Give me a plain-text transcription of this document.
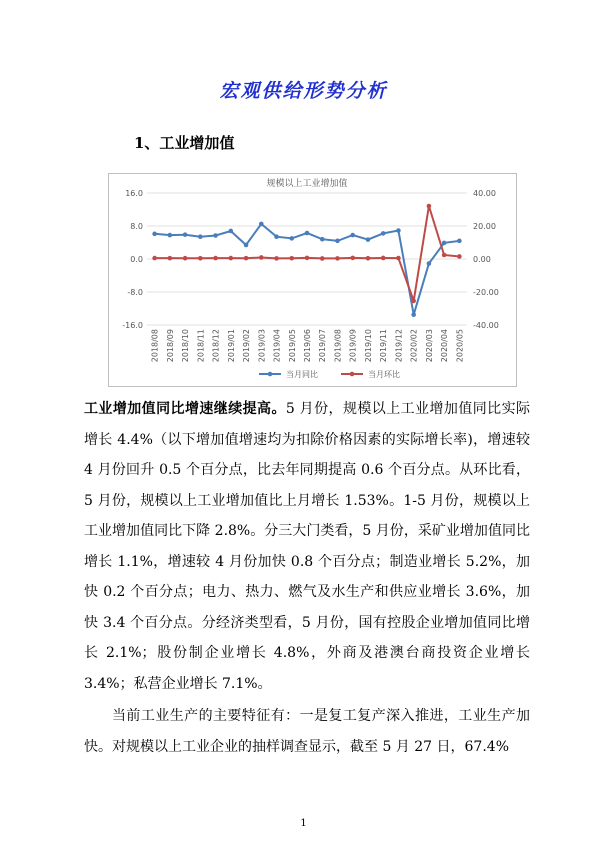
宏观供给形势分析
1、工业增加值
规模以上工业增加值
16.0
8.0
0.0
-8.0
-16.0
40.00
20.00
0.00
-20.00
-40.00
2018/08 2018/09 2018/10 2018/11 2018/12 2019/01 2019/02 2019/03 2019/04 2019/05 2019/06 2019/07 2019/08 2019/09 2019/10 2019/11 2019/12 2020/02 2020/03 2020/04 2020/05
当月同比	当月环比

工业增加值同比增速继续提高。5 月份，规模以上工业增加值同比实际增长 4.4%（以下增加值增速均为扣除价格因素的实际增长率)，增速较 4 月份回升 0.5 个百分点，比去年同期提高 0.6 个百分点。从环比看，5 月份，规模以上工业增加值比上月增长 1.53%。1-5 月份，规模以上工业增加值同比下降 2.8%。分三大门类看，5 月份，采矿业增加值同比增长 1.1%，增速较 4 月份加快 0.8 个百分点；制造业增长 5.2%，加快 0.2 个百分点；电力、热力、燃气及水生产和供应业增长 3.6%，加快 3.4 个百分点。分经济类型看，5 月份，国有控股企业增加值同比增长 2.1%；股份制企业增长 4.8%，外商及港澳台商投资企业增长 3.4%；私营企业增长 7.1%。

当前工业生产的主要特征有：一是复工复产深入推进，工业生产加快。对规模以上工业企业的抽样调查显示，截至 5 月 27 日，67.4%

1
